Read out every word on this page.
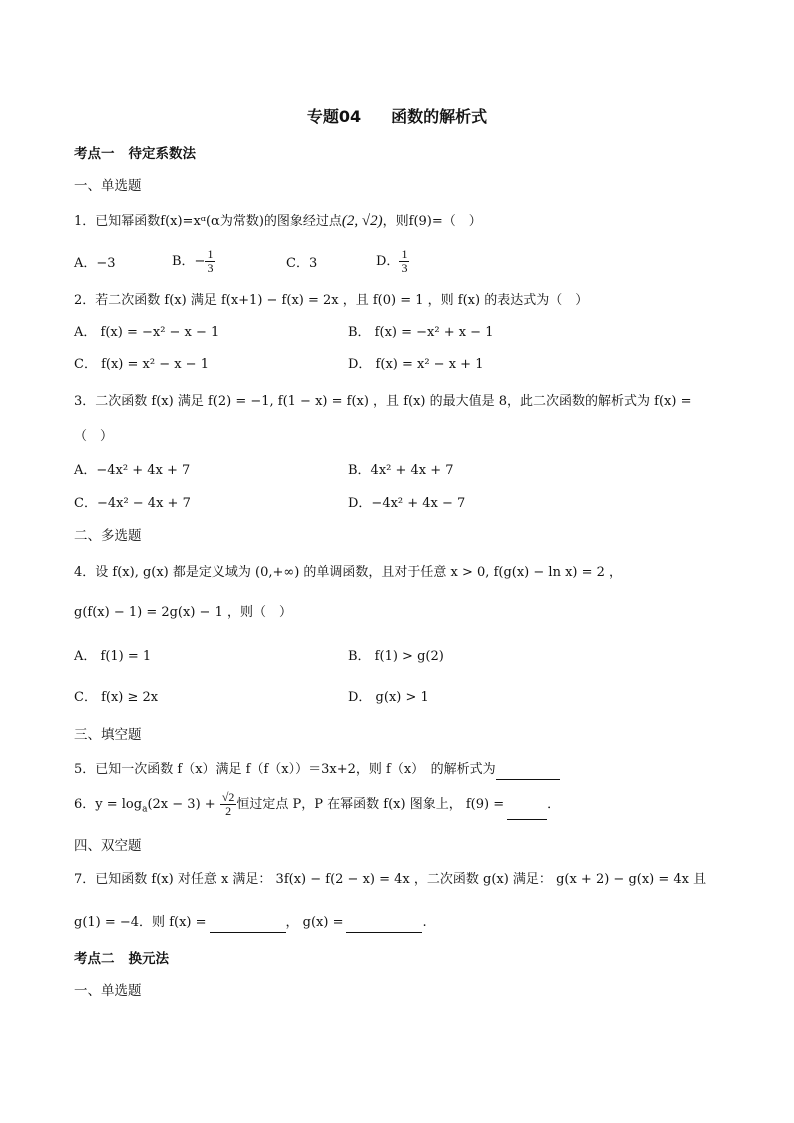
专题04 函数的解析式
考点一 待定系数法
一、单选题
1．已知幂函数f(x)=xᵅ(α为常数)的图象经过点(2, √2)，则f(9)=（　）
A．−3	B．− $\frac{1}{3}$	C．3	D． $\frac{1}{3}$
2．若二次函数 f(x) 满足 f(x+1) − f(x) = 2x ，且 f(0) = 1 ，则 f(x) 的表达式为（　）
A． f(x) = −x² − x − 1	B． f(x) = −x² + x − 1
C． f(x) = x² − x − 1	D． f(x) = x² − x + 1
3．二次函数 f(x) 满足 f(2) = −1, f(1 − x) = f(x) ，且 f(x) 的最大值是 8，此二次函数的解析式为 f(x) =
（　）
A．−4x² + 4x + 7	B．4x² + 4x + 7
C．−4x² − 4x + 7	D．−4x² + 4x − 7
二、多选题
4．设 f(x), g(x) 都是定义域为 (0,+∞) 的单调函数，且对于任意 x > 0, f(g(x) − ln x) = 2 ，
g(f(x) − 1) = 2g(x) − 1 ，则（　）
A． f(1) = 1	B． f(1) > g(2)
C． f(x) ≥ 2x	D． g(x) > 1
三、填空题
5．已知一次函数 f（x）满足 f（f（x））＝3x+2，则 f（x）　的解析式为
6．$y = \log_a(2x - 3) + \frac{√2}{2}$ 恒过定点 P，P 在幂函数 f(x) 图象上， f(9) =	．
四、双空题
7．已知函数 f(x) 对任意 x 满足： 3f(x) − f(2 − x) = 4x ，二次函数 g(x) 满足： g(x + 2) − g(x) = 4x 且
g(1) = −4．则 f(x) =	， g(x) =	.
考点二 换元法
一、单选题
